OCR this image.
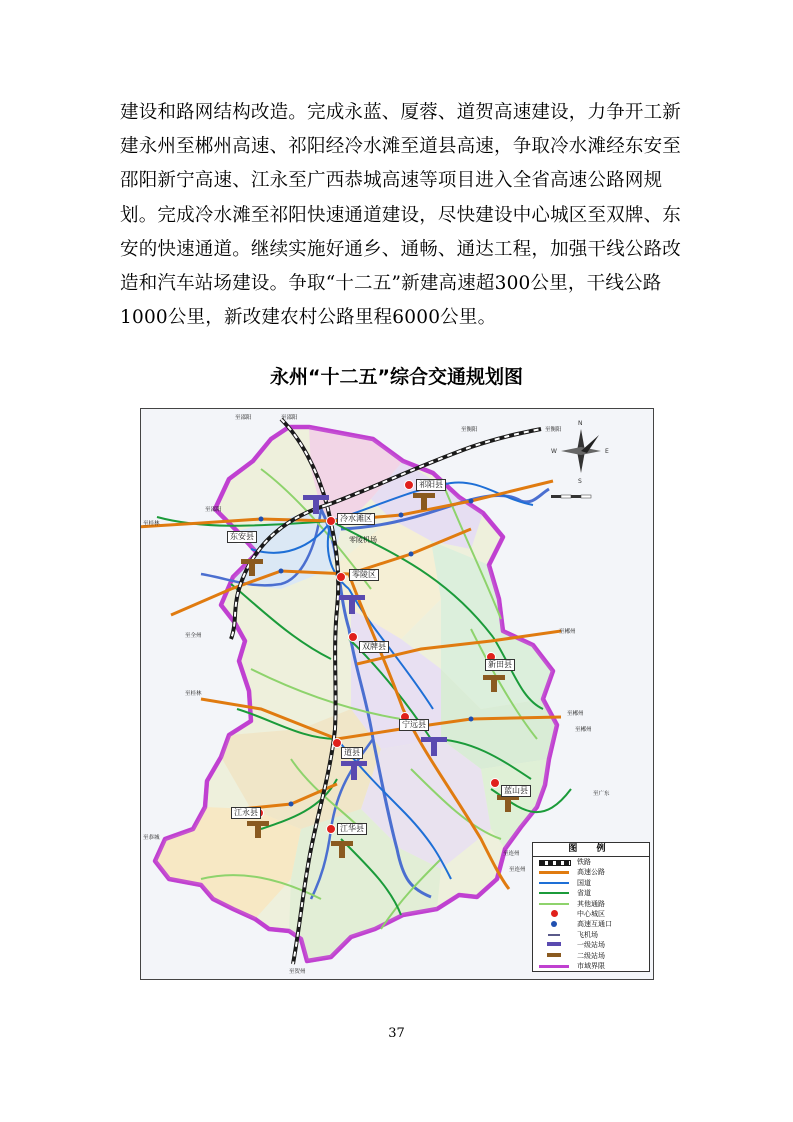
建设和路网结构改造。完成永蓝、厦蓉、道贺高速建设，力争开工新
建永州至郴州高速、祁阳经冷水滩至道县高速，争取冷水滩经东安至
邵阳新宁高速、江永至广西恭城高速等项目进入全省高速公路网规
划。完成冷水滩至祁阳快速通道建设，尽快建设中心城区至双牌、东
安的快速通道。继续实施好通乡、通畅、通达工程，加强干线公路改
造和汽车站场建设。争取“十二五”新建高速超300公里，干线公路
1000公里，新改建农村公路里程6000公里。
永州“十二五”综合交通规划图
N
E
W
S
祁阳县
冷水滩区
零陵机场
东安县
零陵区
双牌县
新田县
宁远县
道县
蓝山县
江永县
江华县
至邵阳	至邵阳
至衡阳
至衡阳
至桂林
至邵阳
至全州
至郴州
至桂林
至郴州
至郴州
至广东
至恭城
至连州
至连州
至贺州
图 例
铁路
高速公路
国道
省道
其他通路
中心城区
高速互通口
飞机场
一级站场
二级站场
市域界限
37
